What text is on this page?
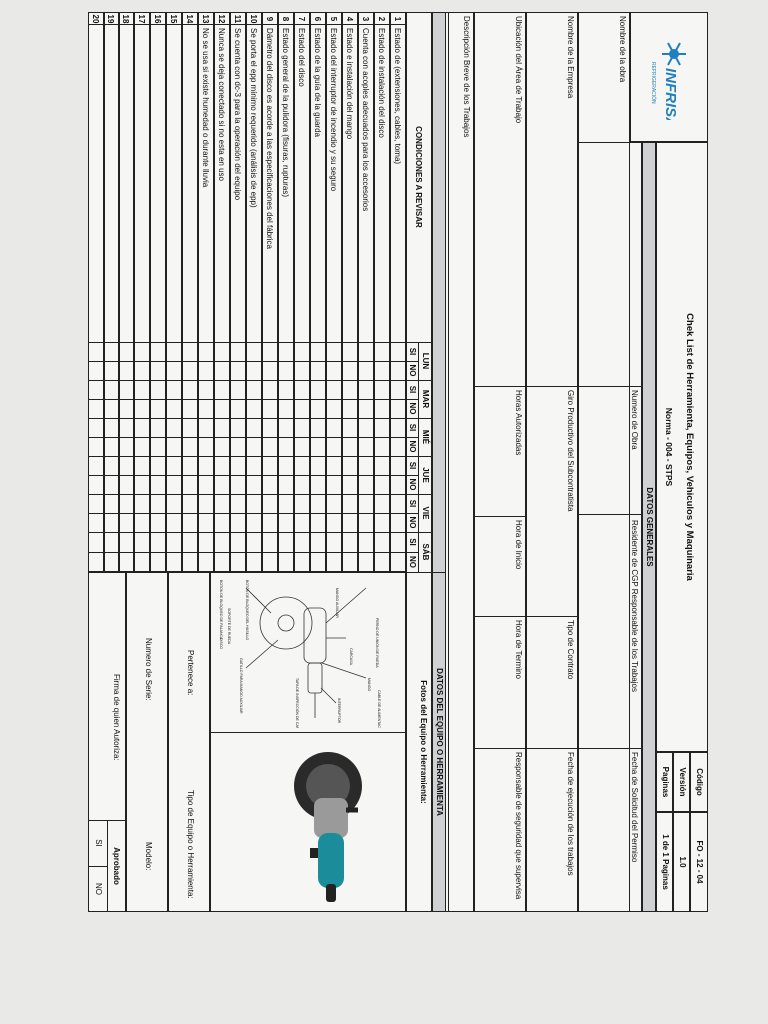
INFRISA
REFRIGERACIÓN
Chek List de Herramienta, Equipos, Vehiculos y Maquinaria
Norma - 004 - STPS
Código
FO - 12 - 04
Versión
1.0
Paginas
1 de 1 Paginas
DATOS GENERALES
Nombre de la obra
Numero de Obra
Residente de CGP Responsable de los Trabajos
Fecha de Solicitud del Permiso
Nombre de la Empresa
Giro Productivo del Subcontratista
Tipo de Contrato
Fecha de ejecución de los trabajos
Ubicación del Área de Trabajo
Horas Autorizadas
Hora de Inicio
Hora de Termino
Responsable de seguridad que supervisa
Descripción Breve de los Trabajos
DATOS DEL EQUIPO O HERRAMIENTA
CONDICIONES A REVISAR
Fotos del Equipo o Herramienta:
LUN
MAR
MIÉ
JUE
VIE
SÁB
SI
NO
SI
NO
SI
NO
SI
NO
SI
NO
SI
NO
1
Estado de (extensiones, cables, toma)
2
Estado de instalación del disco
3
Cuenta con acoples adecuados para los accesorios
4
Estado e instalación del mango
5
Estado del interruptor de incendio y su seguro
6
Estado de la guía de la guarda
7
Estado del disco
8
Estado general de la pulidora (fisuras, rupturas)
9
Dámetro del disco es acorde a las especificaciones del fábrica
10
Se porta el epp mínimo requerido (análisis de epp)
11
Se cuenta con dc-3 para la operación del equipo
12
Nunca se deja conectado si no esta en uso
13
No se usa si existe humedad o durante lluvia
14
15
16
17
18
19
20
PERNO DE UNIÓN DE RUEDA
CABLE DE ALIMENTACIÓN
MANGO
CARCASA
MANGO AUXILIAR
INTERRUPTOR
TAPA DE INSPECCIÓN DE CARBONES
BOTÓN DE BLOQUEO DEL HUSILLO
GATILLO PARA MANGO AUXILIAR
SOPORTE DE RUEDA
DISCO
BOTON DE BLOQUEO DE PALANCA
Pertenece a:
Tipo de Equipo o Herramienta:
Numero de Serie:
Modelo:
Firma de quien Autoriza:
Aprobado
SI
NO
